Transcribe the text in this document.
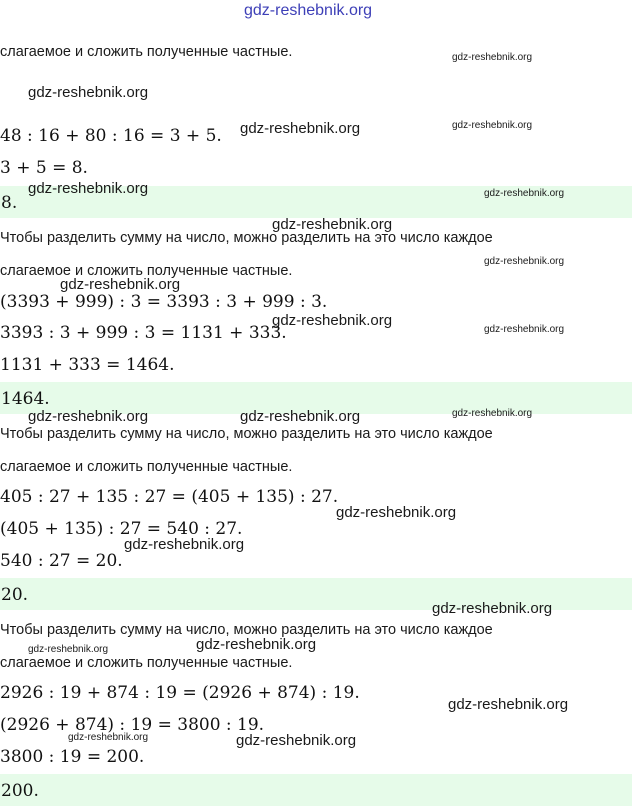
gdz-reshebnik.org
слагаемое и сложить полученные частные.
48 : 16 + 80 : 16 = 3 + 5.
3 + 5 = 8.
8.
Чтобы разделить сумму на число, можно разделить на это число каждое
слагаемое и сложить полученные частные.
(3393 + 999) : 3 = 3393 : 3 + 999 : 3.
3393 : 3 + 999 : 3 = 1131 + 333.
1131 + 333 = 1464.
1464.
Чтобы разделить сумму на число, можно разделить на это число каждое
слагаемое и сложить полученные частные.
405 : 27 + 135 : 27 = (405 + 135) : 27.
(405 + 135) : 27 = 540 : 27.
540 : 27 = 20.
20.
Чтобы разделить сумму на число, можно разделить на это число каждое
слагаемое и сложить полученные частные.
2926 : 19 + 874 : 19 = (2926 + 874) : 19.
(2926 + 874) : 19 = 3800 : 19.
3800 : 19 = 200.
200.
gdz-reshebnik.org
gdz-reshebnik.org
gdz-reshebnik.org	gdz-reshebnik.org
gdz-reshebnik.org	gdz-reshebnik.org
gdz-reshebnik.org
gdz-reshebnik.org
gdz-reshebnik.org
gdz-reshebnik.org
gdz-reshebnik.org
gdz-reshebnik.org	gdz-reshebnik.org	gdz-reshebnik.org
gdz-reshebnik.org
gdz-reshebnik.org
gdz-reshebnik.org
gdz-reshebnik.org
gdz-reshebnik.org
gdz-reshebnik.org
gdz-reshebnik.org	gdz-reshebnik.org
